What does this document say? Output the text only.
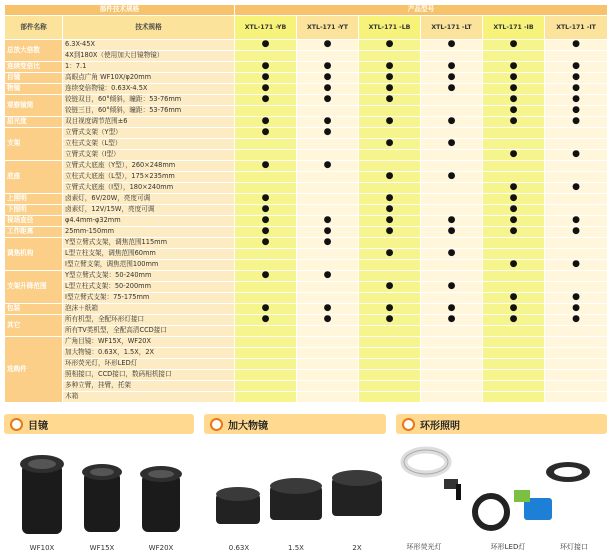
部件技术规格		产品型号					
部件名称	技术规格	XTL-171 -YB	XTL-171 -YT	XTL-171 -LB	XTL-171 -LT	XTL-171 -IB	XTL-171 -IT
总放大倍数	6.3X-45X	●	●	●	●	●	●
	4X到180X（使用加大目镜物镜）						
连续变倍比	1：7.1	●	●	●	●	●	●
目镜	高眼点广角 WF10X/φ20mm	●	●	●	●	●	●
物镜	连续变倍物镜：0.63X-4.5X	●	●	●	●	●	●
观察镜筒	铰链双目，60°倾斜，瞳距：53-76mm	●	●	●		●	●
	铰链三目，60°倾斜，瞳距：53-76mm					●	●
屈光度	双目视度调节范围±6	●	●	●	●	●	●
支架	立臂式支架（Y型）	●	●				
	立柱式支架（L型）			●	●		
	立臂式支架（I型）					●	●
底座	立臂式大底座（Y型），260×248mm	●	●				
	立柱式大底座（L型），175×235mm			●	●		
	立臂式大底座（I型），180×240mm					●	●
上照明	卤素灯，6V/20W，亮度可调	●		●		●	
下照明	卤素灯，12V/15W，亮度可调	●		●		●	
视场直径	φ4.4mm-φ32mm	●	●	●	●	●	●
工作距离	25mm-150mm	●	●	●	●	●	●
调焦机构	Y型立臂式支架，调焦范围115mm	●	●				
	L型立柱支架，调焦范围60mm			●	●		
	I型立臂支架，调焦范围100mm					●	●
支架升降范围	Y型立臂式支架：50-240mm	●	●				
	L型立柱式支架：50-200mm			●	●		
	I型立臂式支架：75-175mm					●	●
包装	泡沫＋纸箱	●	●	●	●	●	●
其它	所有机型，全配环形灯接口	●	●	●	●	●	●
	所有TV类机型，全配高清CCD接口						
选购件	广角目镜：WF15X，WF20X						
	加大物镜：0.63X，1.5X，2X						
	环形荧光灯，环形LED灯						
	照相接口，CCD接口，数码相机接口						
	多种立臂，挂臂，托架						
	木箱						
目镜
WF10X	WF15X	WF20X
加大物镜
0.63X	1.5X	2X
环形照明
环形荧光灯	环形LED灯	环灯接口
